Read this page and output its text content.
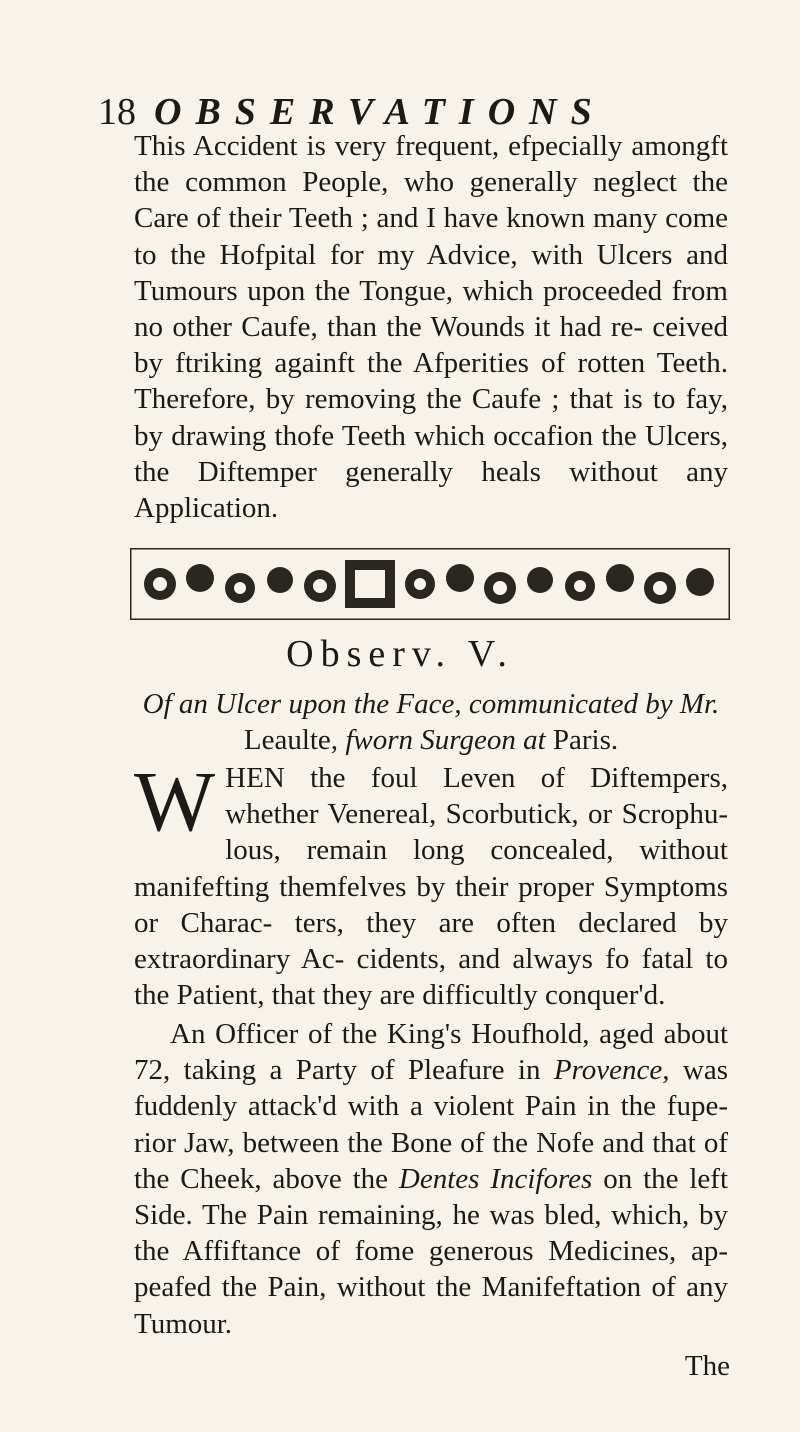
18 OBSERVATIONS
This Accident is very frequent, efpecially amongft the common People, who generally neglect the Care of their Teeth ; and I have known many come to the Hofpital for my Advice, with Ulcers and Tumours upon the Tongue, which proceeded from no other Caufe, than the Wounds it had re- ceived by ftriking againft the Afperities of rotten Teeth. Therefore, by removing the Caufe ; that is to fay, by drawing thofe Teeth which occafion the Ulcers, the Diftemper generally heals without any Application.
Observ. V.
Of an Ulcer upon the Face, communicated by Mr. Leaulte, fworn Surgeon at Paris.
WHEN the foul Leven of Diftempers, whether Venereal, Scorbutick, or Scrophu- lous, remain long concealed, without manifefting themfelves by their proper Symptoms or Charac- ters, they are often declared by extraordinary Ac- cidents, and always fo fatal to the Patient, that they are difficultly conquer'd.
An Officer of the King's Houfhold, aged about 72, taking a Party of Pleafure in Provence, was fuddenly attack'd with a violent Pain in the fupe- rior Jaw, between the Bone of the Nofe and that of the Cheek, above the Dentes Incifores on the left Side. The Pain remaining, he was bled, which, by the Affiftance of fome generous Medicines, ap- peafed the Pain, without the Manifeftation of any Tumour.
The
